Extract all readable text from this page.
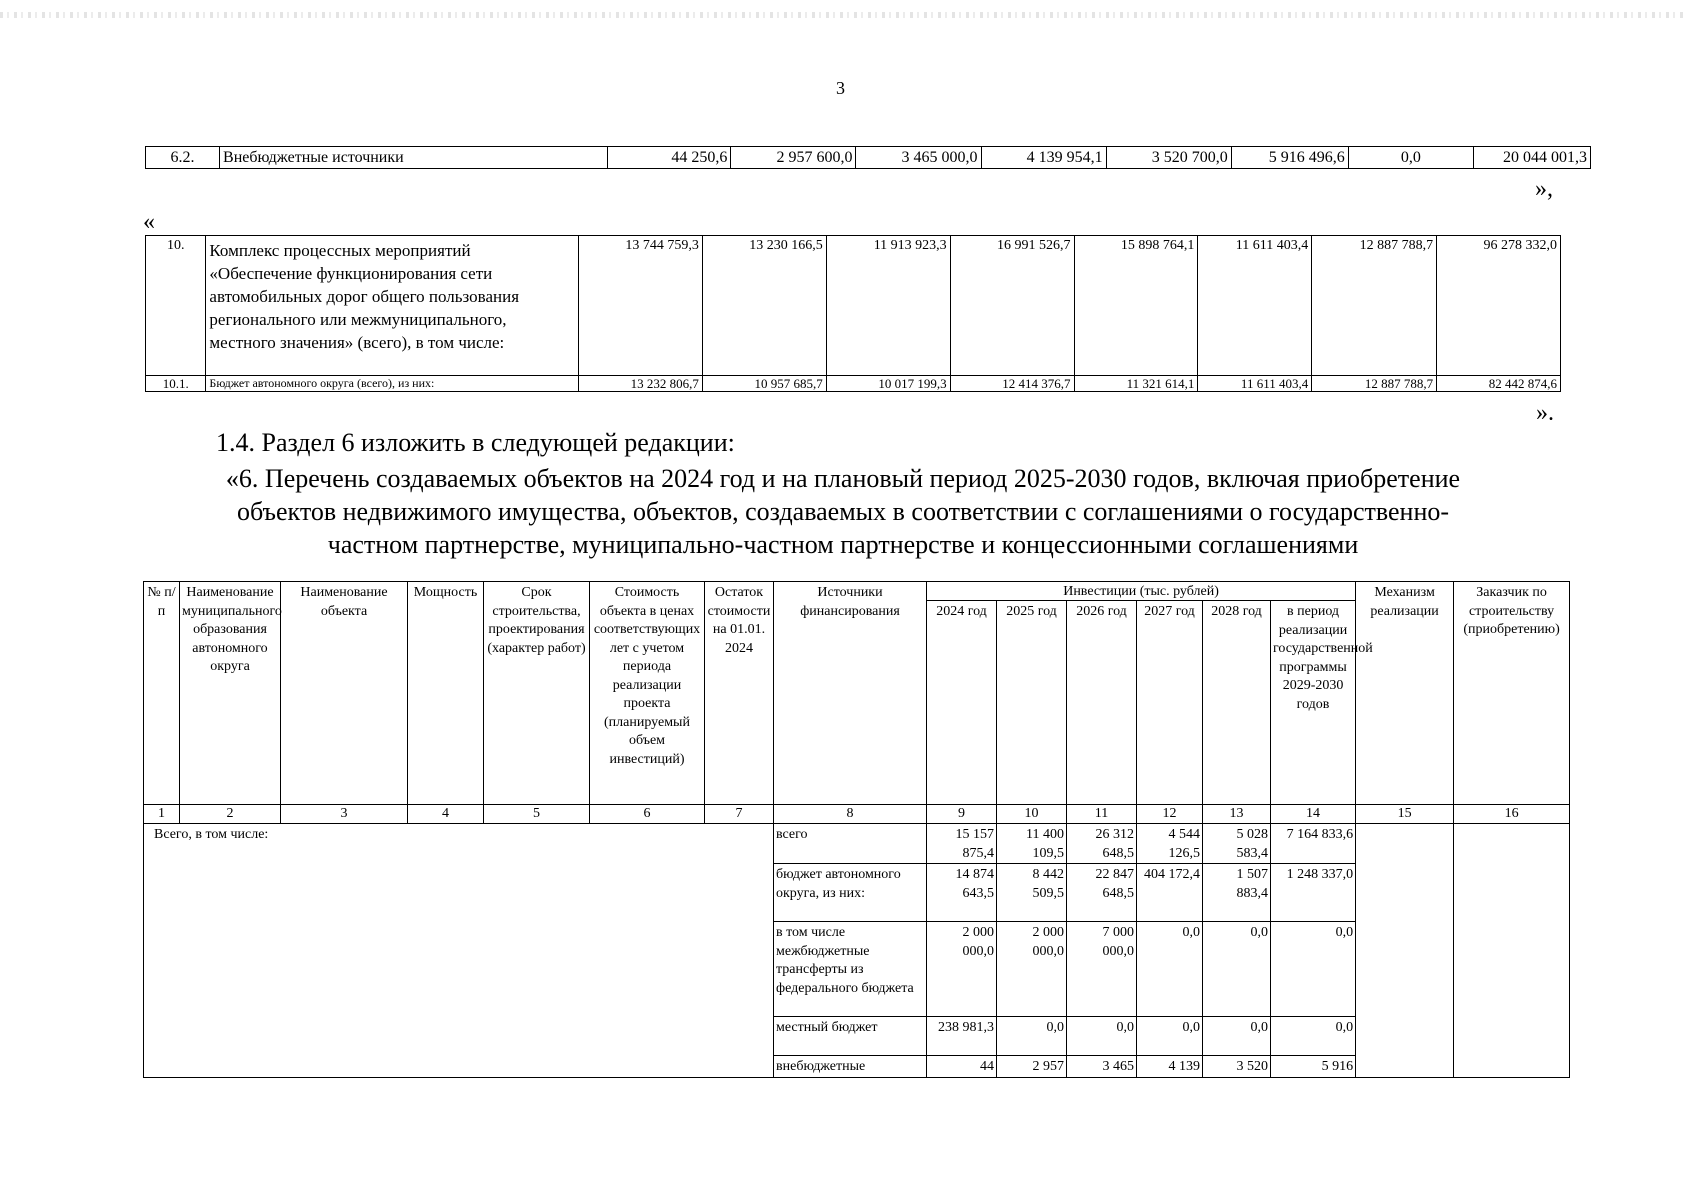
3
6.2.	Внебюджетные источники	44 250,6	2 957 600,0	3 465 000,0	4 139 954,1	3 520 700,0	5 916 496,6	0,0	20 044 001,3
»,
«
10.	Комплекс процессных мероприятий «Обеспечение функционирования сети автомобильных дорог общего пользования регионального или межмуниципального, местного значения» (всего), в том числе:	13 744 759,3	13 230 166,5	11 913 923,3	16 991 526,7	15 898 764,1	11 611 403,4	12 887 788,7	96 278 332,0
10.1.	Бюджет автономного округа (всего), из них:	13 232 806,7	10 957 685,7	10 017 199,3	12 414 376,7	11 321 614,1	11 611 403,4	12 887 788,7	82 442 874,6
».
1.4. Раздел 6 изложить в следующей редакции:
«6. Перечень создаваемых объектов на 2024 год и на плановый период 2025-2030 годов, включая приобретение
объектов недвижимого имущества, объектов, создаваемых в соответствии с соглашениями о государственно-
частном партнерстве, муниципально-частном партнерстве и концессионными соглашениями
№ п/п	Наименование муниципального образования автономного округа	Наименование объекта	Мощность	Срок строительства, проектирования (характер работ)	Стоимость объекта в ценах соответствующих лет с учетом периода реализации проекта (планируемый объем инвестиций)	Остаток стоимости на 01.01. 2024	Источники финансирования	Инвестиции (тыс. рублей)						Механизм реализации	Заказчик по строительству (приобретению)
								2024 год	2025 год	2026 год	2027 год	2028 год	в период реализации государственной программы 2029-2030 годов		
1	2	3	4	5	6	7	8	9	10	11	12	13	14	15	16
Всего, в том числе:							всего	15 157 875,4	11 400 109,5	26 312 648,5	4 544 126,5	5 028 583,4	7 164 833,6		
							бюджет автономного округа, из них:	14 874 643,5	8 442 509,5	22 847 648,5	404 172,4	1 507 883,4	1 248 337,0		
							в том числе межбюджетные трансферты из федерального бюджета	2 000 000,0	2 000 000,0	7 000 000,0	0,0	0,0	0,0		
							местный бюджет	238 981,3	0,0	0,0	0,0	0,0	0,0		
							внебюджетные	44	2 957	3 465	4 139	3 520	5 916		
